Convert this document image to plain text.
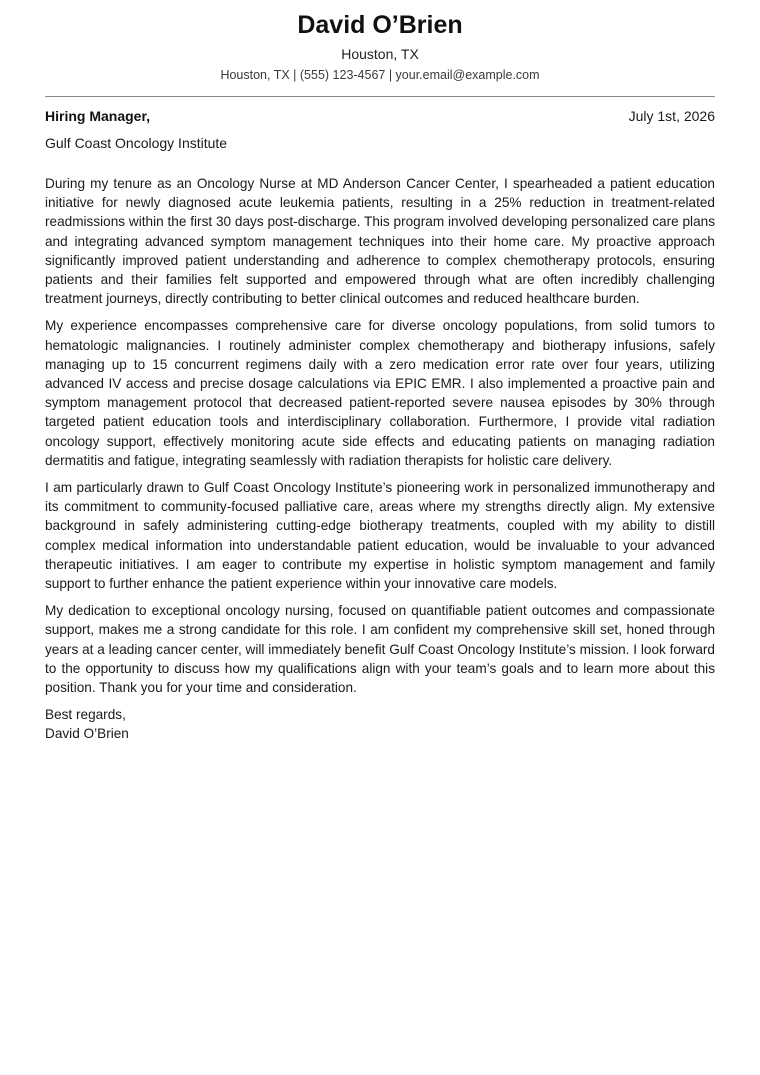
David O’Brien
Houston, TX
Houston, TX | (555) 123-4567 | your.email@example.com
Hiring Manager,	July 1st, 2026
Gulf Coast Oncology Institute

During my tenure as an Oncology Nurse at MD Anderson Cancer Center, I spearheaded a patient education initiative for newly diagnosed acute leukemia patients, resulting in a 25% reduction in treatment-related readmissions within the first 30 days post-discharge. This program involved developing personalized care plans and integrating advanced symptom management techniques into their home care. My proactive approach significantly improved patient understanding and adherence to complex chemotherapy protocols, ensuring patients and their families felt supported and empowered through what are often incredibly challenging treatment journeys, directly contributing to better clinical outcomes and reduced healthcare burden.

My experience encompasses comprehensive care for diverse oncology populations, from solid tumors to hematologic malignancies. I routinely administer complex chemotherapy and biotherapy infusions, safely managing up to 15 concurrent regimens daily with a zero medication error rate over four years, utilizing advanced IV access and precise dosage calculations via EPIC EMR. I also implemented a proactive pain and symptom management protocol that decreased patient-reported severe nausea episodes by 30% through targeted patient education tools and interdisciplinary collaboration. Furthermore, I provide vital radiation oncology support, effectively monitoring acute side effects and educating patients on managing radiation dermatitis and fatigue, integrating seamlessly with radiation therapists for holistic care delivery.

I am particularly drawn to Gulf Coast Oncology Institute’s pioneering work in personalized immunotherapy and its commitment to community-focused palliative care, areas where my strengths directly align. My extensive background in safely administering cutting-edge biotherapy treatments, coupled with my ability to distill complex medical information into understandable patient education, would be invaluable to your advanced therapeutic initiatives. I am eager to contribute my expertise in holistic symptom management and family support to further enhance the patient experience within your innovative care models.

My dedication to exceptional oncology nursing, focused on quantifiable patient outcomes and compassionate support, makes me a strong candidate for this role. I am confident my comprehensive skill set, honed through years at a leading cancer center, will immediately benefit Gulf Coast Oncology Institute’s mission. I look forward to the opportunity to discuss how my qualifications align with your team’s goals and to learn more about this position. Thank you for your time and consideration.

Best regards,
David O’Brien
